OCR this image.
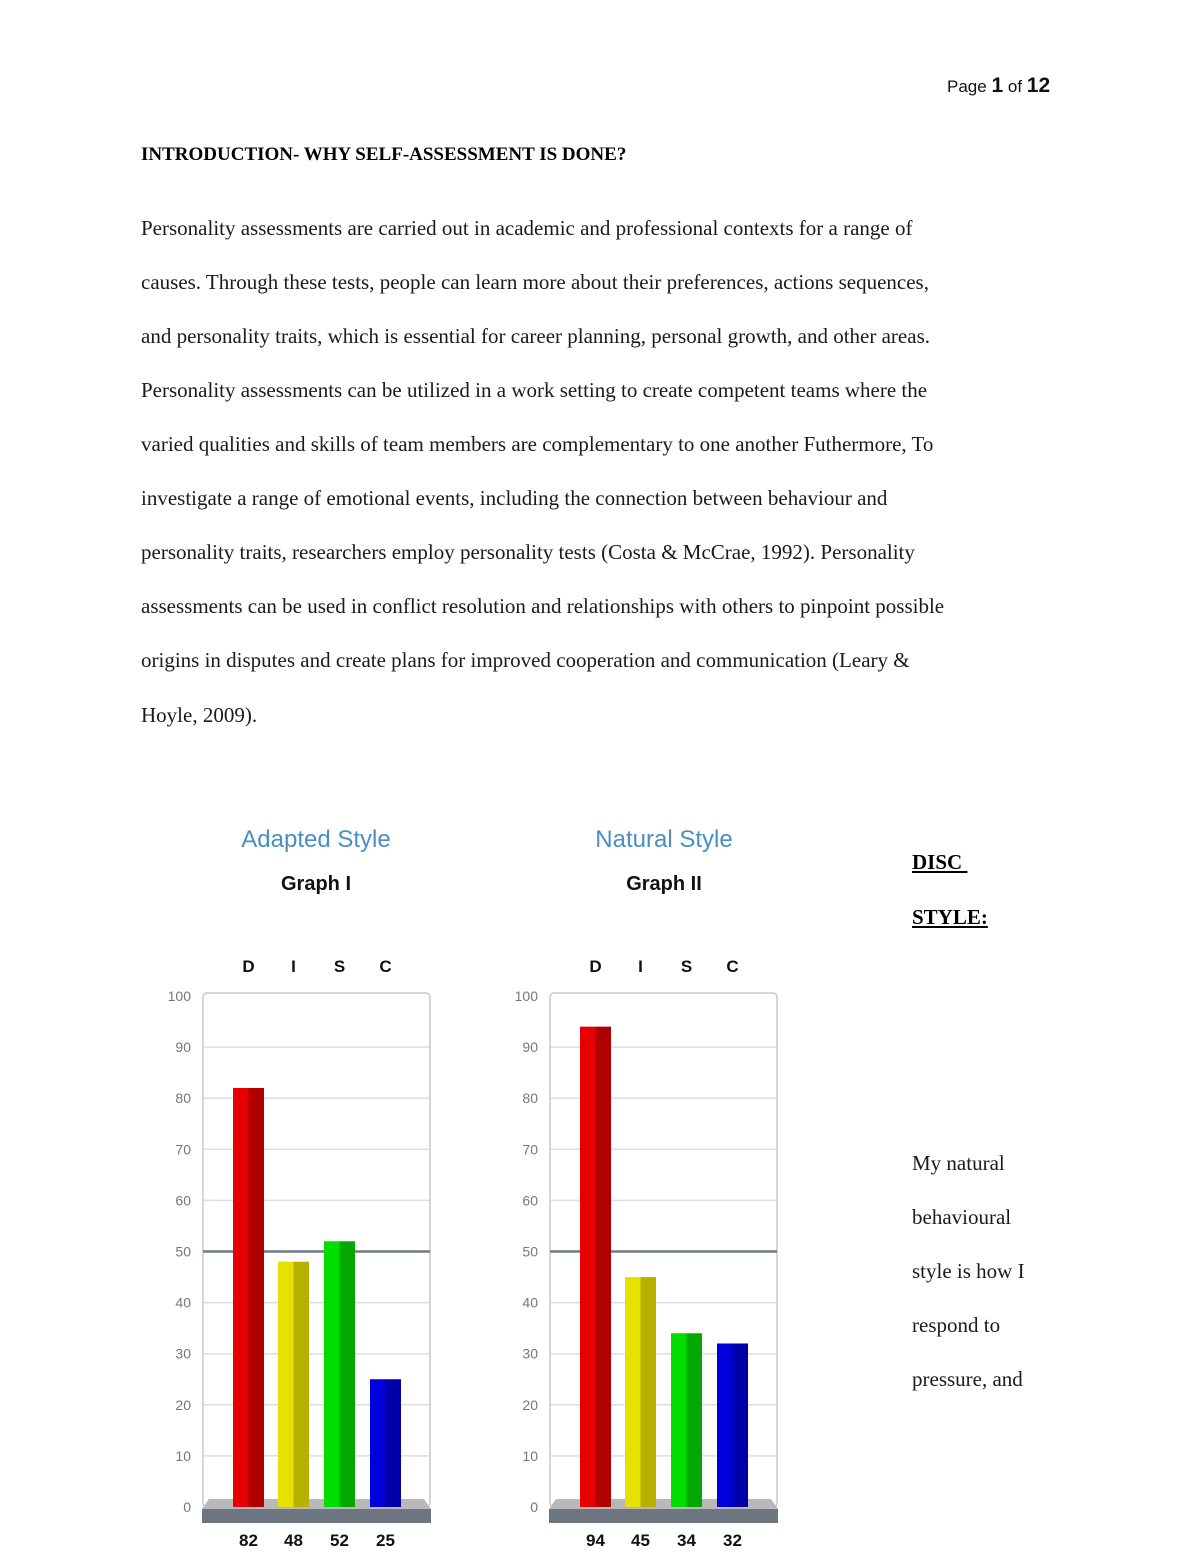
Page 1 of 12
INTRODUCTION- WHY SELF-ASSESSMENT IS DONE?
Personality assessments are carried out in academic and professional contexts for a range of
causes. Through these tests, people can learn more about their preferences, actions sequences,
and personality traits, which is essential for career planning, personal growth, and other areas.
Personality assessments can be utilized in a work setting to create competent teams where the
varied qualities and skills of team members are complementary to one another Futhermore, To
investigate a range of emotional events, including the connection between behaviour and
personality traits, researchers employ personality tests (Costa & McCrae, 1992). Personality
assessments can be used in conflict resolution and relationships with others to pinpoint possible
origins in disputes and create plans for improved cooperation and communication (Leary &
Hoyle, 2009).
Adapted Style
Graph I
0
10
20
30
40
50
60
70
80
90
100
D
82
I
48
S
52
C
25
Natural Style
Graph II
0
10
20
30
40
50
60
70
80
90
100
D
94
I
45
S
34
C
32
DISC
STYLE:
My natural
behavioural
style is how I
respond to
pressure, and
